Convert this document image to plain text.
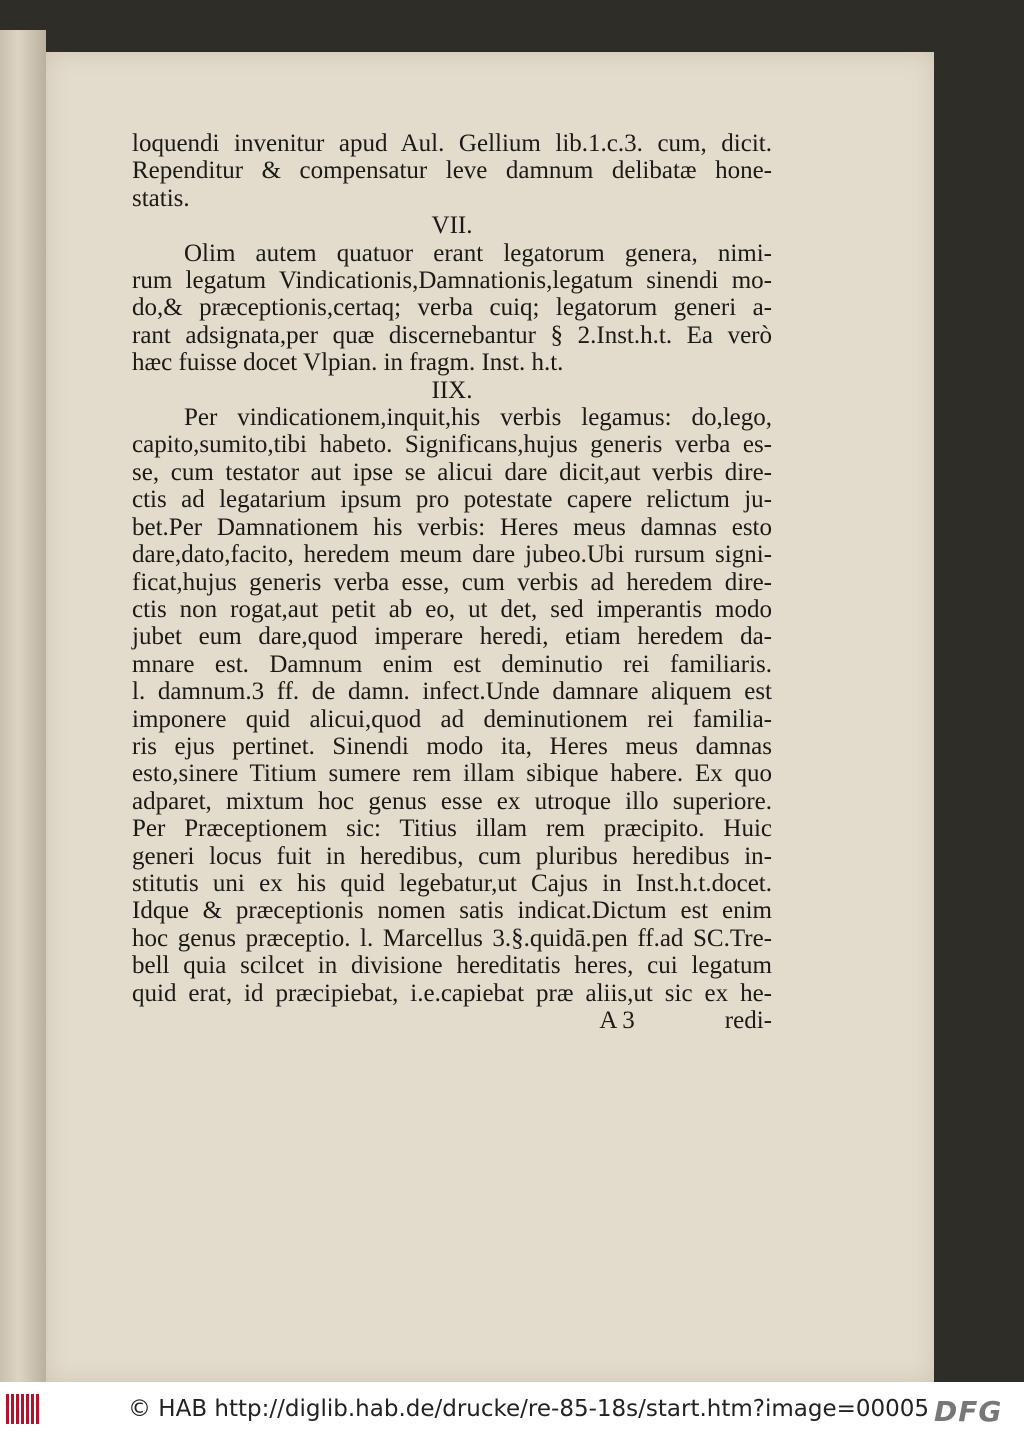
loquendi invenitur apud Aul. Gellium lib.1.c.3. cum, dicit.
Rependitur & compensatur leve damnum delibatæ hone-
statis.
VII.
Olim autem quatuor erant legatorum genera, nimi-
rum legatum Vindicationis,Damnationis,legatum sinendi mo-
do,& præceptionis,certaq; verba cuiq; legatorum generi a-
rant adsignata,per quæ discernebantur § 2.Inst.h.t. Ea verò
hæc fuisse docet Vlpian. in fragm. Inst. h.t.
IIX.
Per vindicationem,inquit,his verbis legamus: do,lego,
capito,sumito,tibi habeto. Significans,hujus generis verba es-
se, cum testator aut ipse se alicui dare dicit,aut verbis dire-
ctis ad legatarium ipsum pro potestate capere relictum ju-
bet.Per Damnationem his verbis: Heres meus damnas esto
dare,dato,facito, heredem meum dare jubeo.Ubi rursum signi-
ficat,hujus generis verba esse, cum verbis ad heredem dire-
ctis non rogat,aut petit ab eo, ut det, sed imperantis modo
jubet eum dare,quod imperare heredi, etiam heredem da-
mnare est. Damnum enim est deminutio rei familiaris.
l. damnum.3 ff. de damn. infect.Unde damnare aliquem est
imponere quid alicui,quod ad deminutionem rei familia-
ris ejus pertinet. Sinendi modo ita, Heres meus damnas
esto,sinere Titium sumere rem illam sibique habere. Ex quo
adparet, mixtum hoc genus esse ex utroque illo superiore.
Per Præceptionem sic: Titius illam rem præcipito. Huic
generi locus fuit in heredibus, cum pluribus heredibus in-
stitutis uni ex his quid legebatur,ut Cajus in Inst.h.t.docet.
Idque & præceptionis nomen satis indicat.Dictum est enim
hoc genus præceptio. l. Marcellus 3.§.quidā.pen ff.ad SC.Tre-
bell quia scilcet in divisione hereditatis heres, cui legatum
quid erat, id præcipiebat, i.e.capiebat præ aliis,ut sic ex he-
A 3	redi-
© HAB http://diglib.hab.de/drucke/re-85-18s/start.htm?image=00005 DFG
